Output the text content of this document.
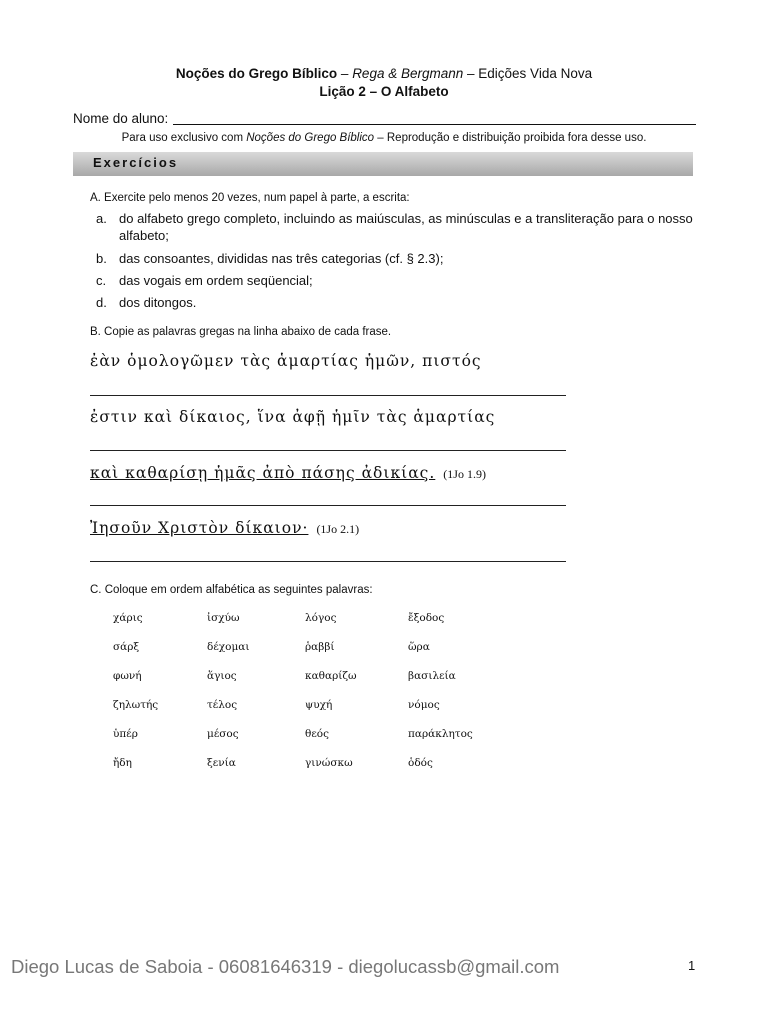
Noções do Grego Bíblico – Rega & Bergmann – Edições Vida Nova
Lição 2 – O Alfabeto
Nome do aluno:
Para uso exclusivo com Noções do Grego Bíblico – Reprodução e distribuição proibida fora desse uso.
Exercícios
A. Exercite pelo menos 20 vezes, num papel à parte, a escrita:
a. do alfabeto grego completo, incluindo as maiúsculas, as minúsculas e a transliteração para o nosso alfabeto;
b. das consoantes, divididas nas três categorias (cf. § 2.3);
c. das vogais em ordem seqüencial;
d. dos ditongos.
B. Copie as palavras gregas na linha abaixo de cada frase.
ἐὰν ὁμολογῶμεν τὰς ἁμαρτίας ἡμῶν, πιστός
ἐστιν καὶ δίκαιος, ἵνα ἀφῇ ἡμῖν τὰς ἁμαρτίας
καὶ καθαρίσῃ ἡμᾶς ἀπὸ πάσης ἀδικίας. (1Jo 1.9)
Ἰησοῦν Χριστὸν δίκαιον· (1Jo 2.1)
C. Coloque em ordem alfabética as seguintes palavras:
χάρις	ἰσχύω	λόγος	ἔξοδος
σάρξ	δέχομαι	ῥαββί	ὥρα
φωνή	ἅγιος	καθαρίζω	βασιλεία
ζηλωτής	τέλος	ψυχή	νόμος
ὑπέρ	μέσος	θεός	παράκλητος
ἤδη	ξενία	γινώσκω	ὁδός
Diego Lucas de Saboia - 06081646319 - diegolucassb@gmail.com	1
